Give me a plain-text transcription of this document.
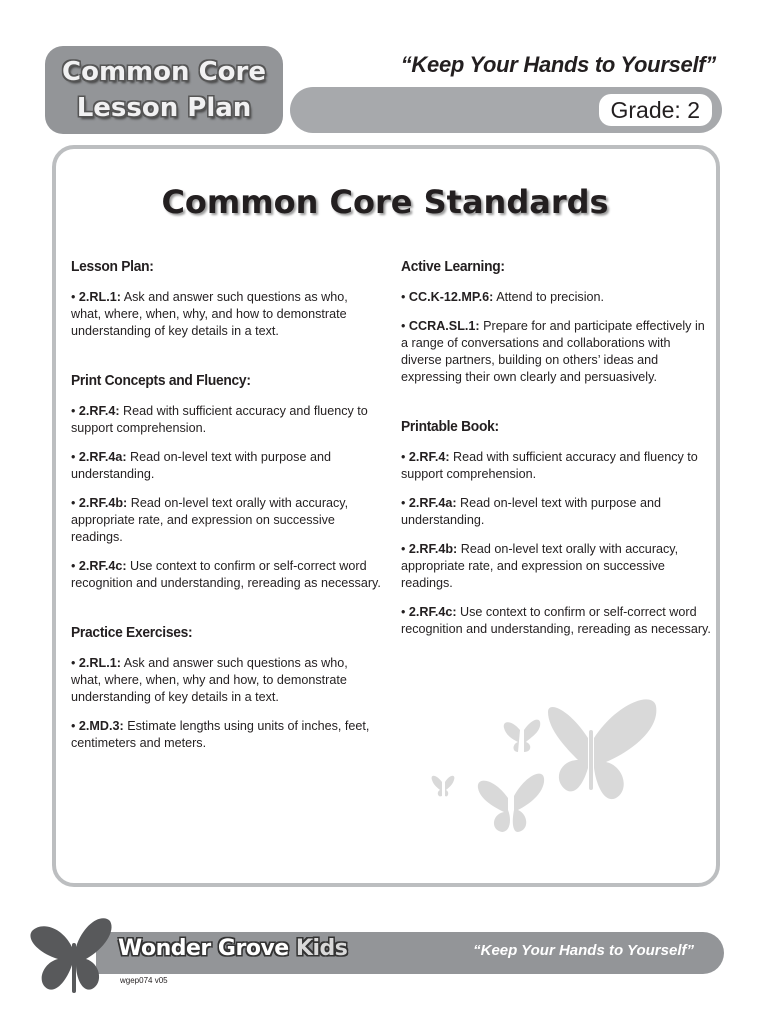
Common Core
Lesson Plan
“Keep Your Hands to Yourself”
Grade: 2
Common Core Standards
Lesson Plan:
• 2.RL.1: Ask and answer such questions as who, what, where, when, why, and how to demonstrate understanding of key details in a text.
Print Concepts and Fluency:
• 2.RF.4: Read with sufficient accuracy and fluency to support comprehension.
• 2.RF.4a: Read on-level text with purpose and understanding.
• 2.RF.4b: Read on-level text orally with accuracy, appropriate rate, and expression on successive readings.
• 2.RF.4c: Use context to confirm or self-correct word recognition and understanding, rereading as necessary.
Practice Exercises:
• 2.RL.1: Ask and answer such questions as who, what, where, when, why and how, to demonstrate understanding of key details in a text.
• 2.MD.3: Estimate lengths using units of inches, feet, centimeters and meters.
Active Learning:
• CC.K-12.MP.6: Attend to precision.
• CCRA.SL.1: Prepare for and participate effectively in a range of conversations and collaborations with diverse partners, building on others’ ideas and expressing their own clearly and persuasively.
Printable Book:
• 2.RF.4: Read with sufficient accuracy and fluency to support comprehension.
• 2.RF.4a: Read on-level text with purpose and understanding.
• 2.RF.4b: Read on-level text orally with accuracy, appropriate rate, and expression on successive readings.
• 2.RF.4c: Use context to confirm or self-correct word recognition and understanding, rereading as necessary.
Wonder Grove Kids	“Keep Your Hands to Yourself”
wgep074 v05
